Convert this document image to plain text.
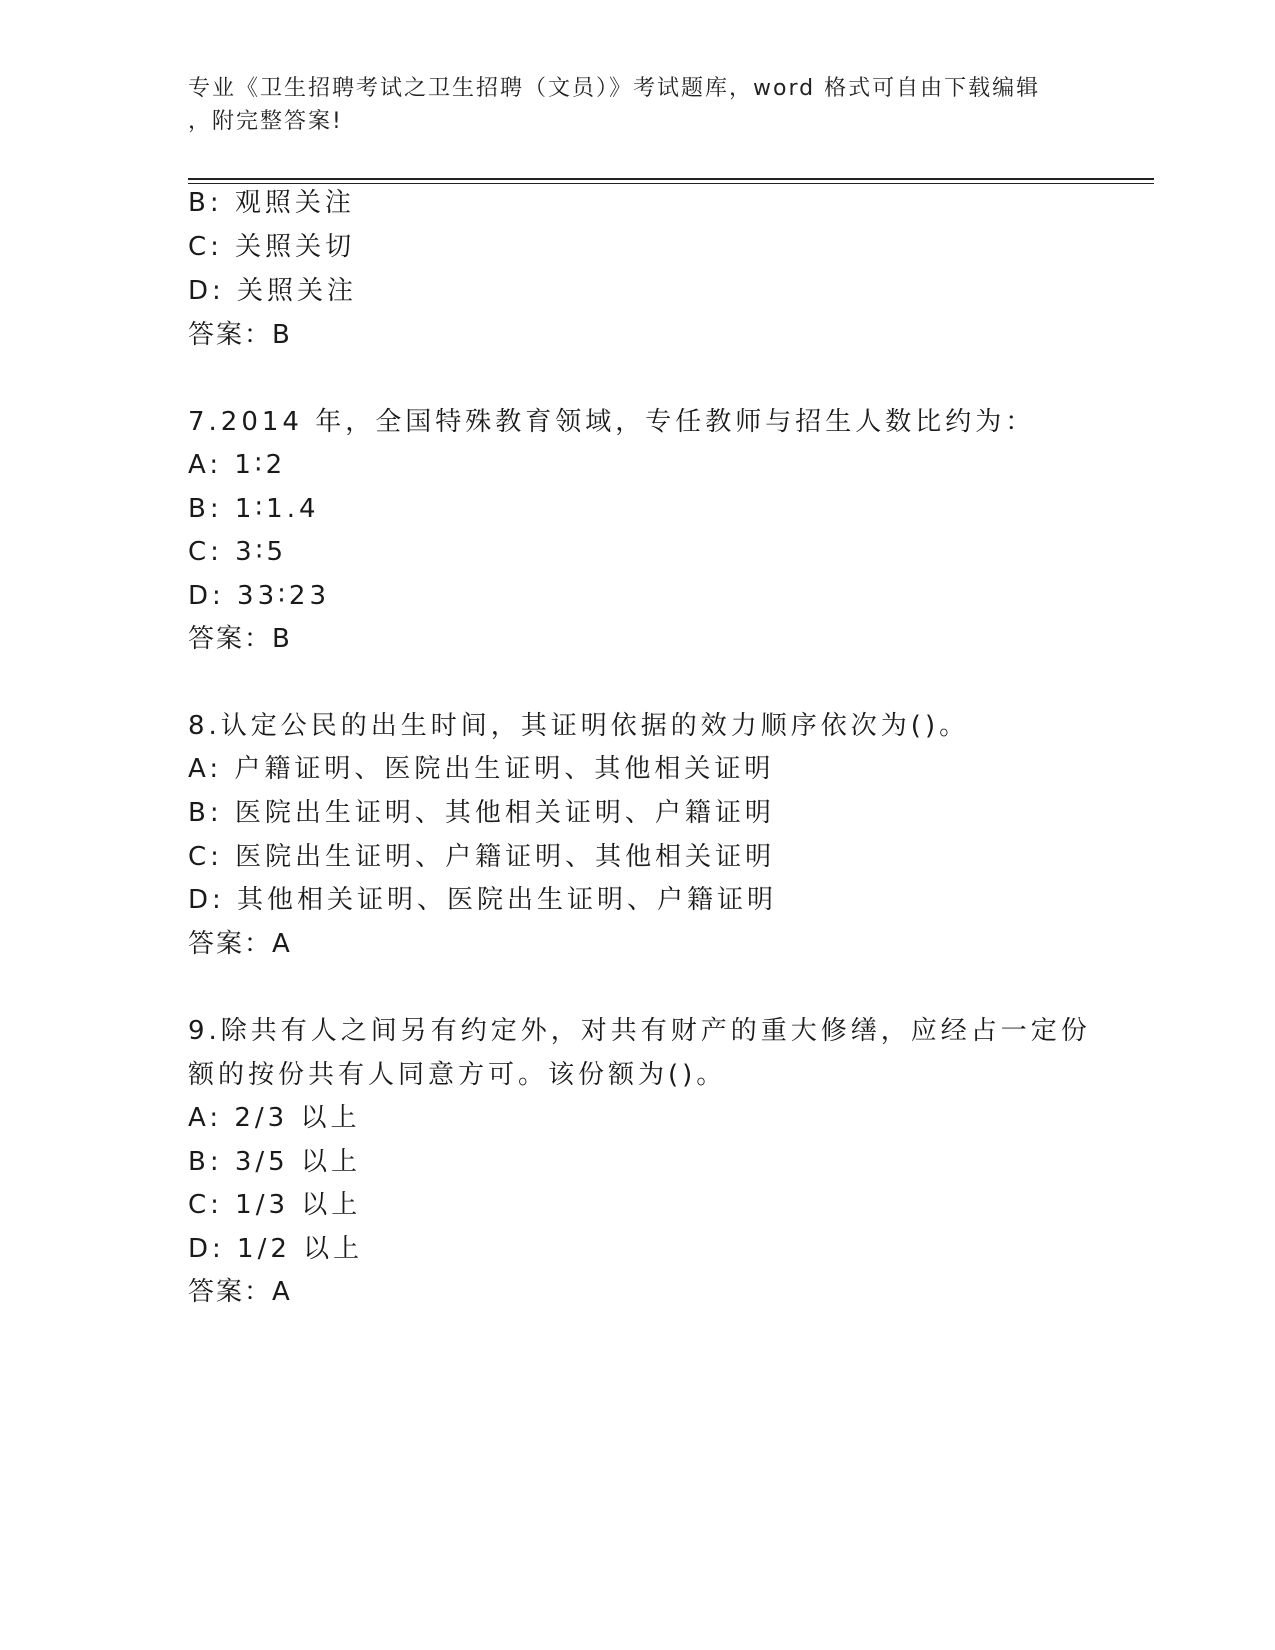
专业《卫生招聘考试之卫生招聘（文员）》考试题库，word 格式可自由下载编辑
，附完整答案!
B: 观照关注
C: 关照关切
D: 关照关注
答案：B
7.2014 年，全国特殊教育领域，专任教师与招生人数比约为：
A: 1∶2
B: 1∶1.4
C: 3∶5
D: 33∶23
答案：B
8.认定公民的出生时间，其证明依据的效力顺序依次为()。
A: 户籍证明、医院出生证明、其他相关证明
B: 医院出生证明、其他相关证明、户籍证明
C: 医院出生证明、户籍证明、其他相关证明
D: 其他相关证明、医院出生证明、户籍证明
答案：A
9.除共有人之间另有约定外，对共有财产的重大修缮，应经占一定份
额的按份共有人同意方可。该份额为()。
A: 2/3 以上
B: 3/5 以上
C: 1/3 以上
D: 1/2 以上
答案：A
